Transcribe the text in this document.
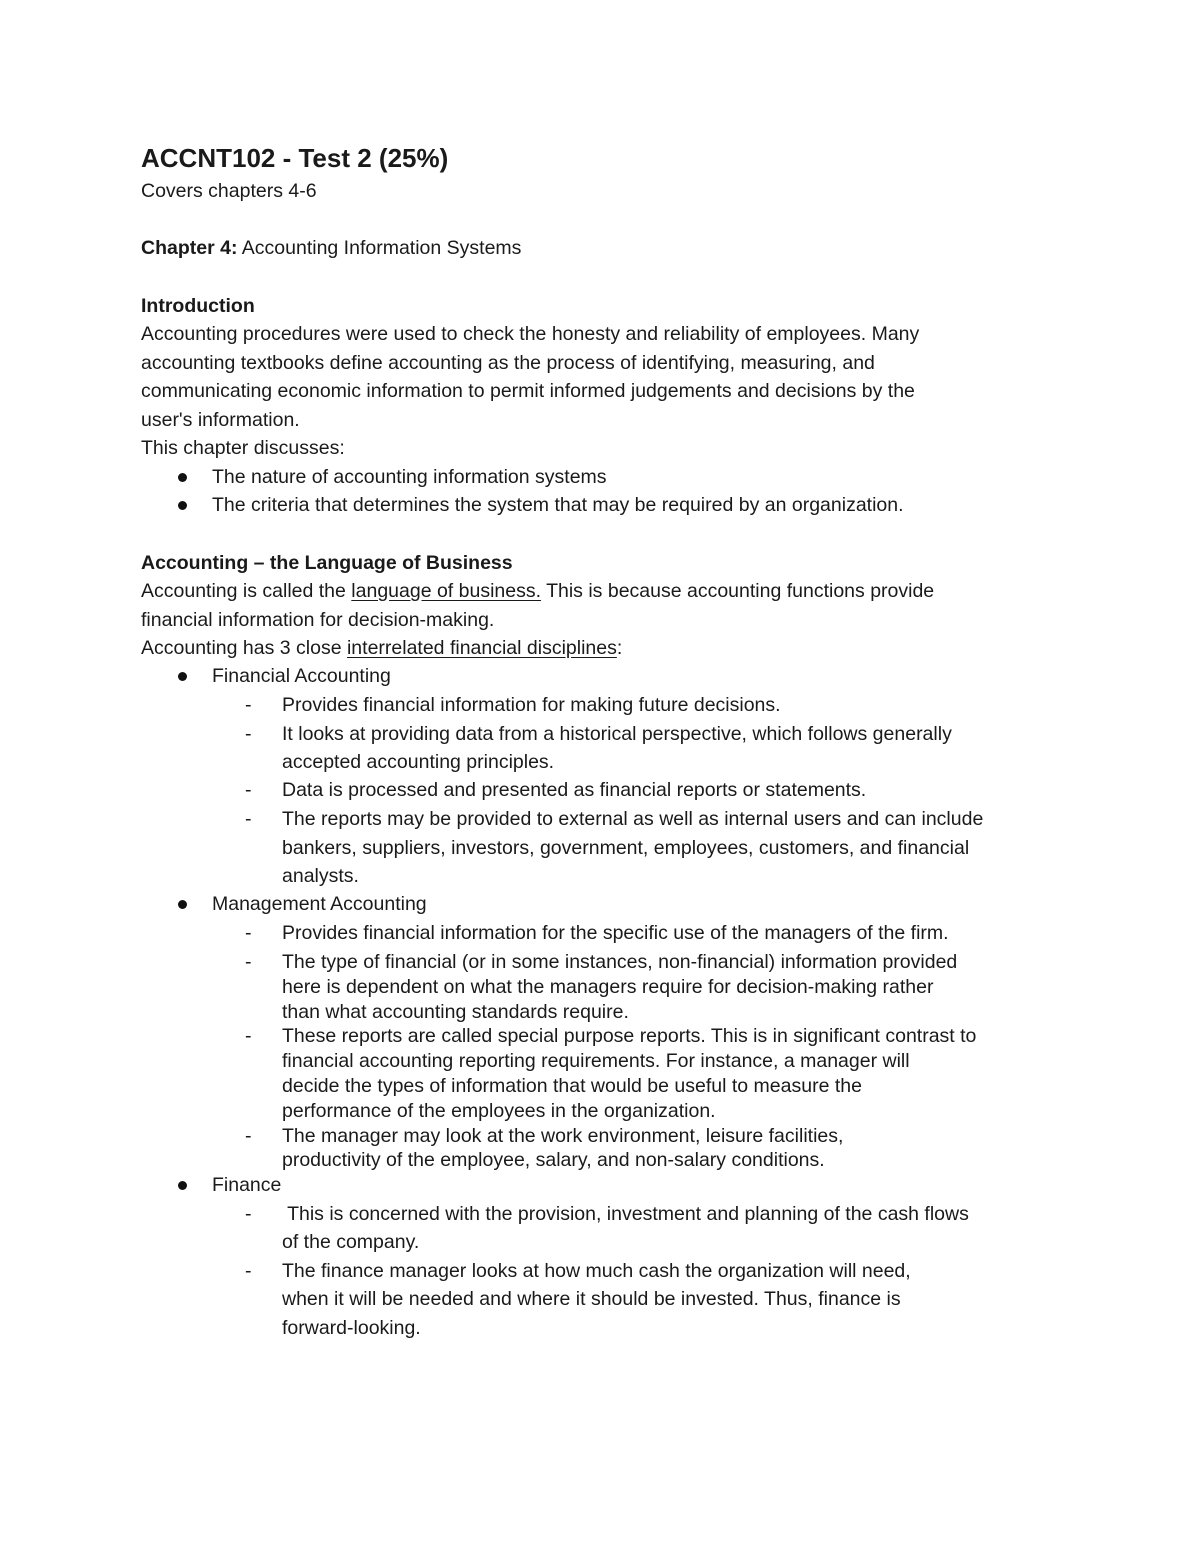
ACCNT102 - Test 2 (25%)
Covers chapters 4-6
Chapter 4: Accounting Information Systems
Introduction
Accounting procedures were used to check the honesty and reliability of employees. Many
accounting textbooks define accounting as the process of identifying, measuring, and
communicating economic information to permit informed judgements and decisions by the
user's information.
This chapter discusses:
The nature of accounting information systems
The criteria that determines the system that may be required by an organization.
Accounting – the Language of Business
Accounting is called the language of business. This is because accounting functions provide
financial information for decision-making.
Accounting has 3 close interrelated financial disciplines:
Financial Accounting
- Provides financial information for making future decisions.
- It looks at providing data from a historical perspective, which follows generally
accepted accounting principles.
- Data is processed and presented as financial reports or statements.
- The reports may be provided to external as well as internal users and can include
bankers, suppliers, investors, government, employees, customers, and financial
analysts.
Management Accounting
- Provides financial information for the specific use of the managers of the firm.
- The type of financial (or in some instances, non-financial) information provided
here is dependent on what the managers require for decision-making rather
than what accounting standards require.
- These reports are called special purpose reports. This is in significant contrast to
financial accounting reporting requirements. For instance, a manager will
decide the types of information that would be useful to measure the
performance of the employees in the organization.
- The manager may look at the work environment, leisure facilities,
productivity of the employee, salary, and non-salary conditions.
Finance
- This is concerned with the provision, investment and planning of the cash flows
of the company.
- The finance manager looks at how much cash the organization will need,
when it will be needed and where it should be invested. Thus, finance is
forward-looking.
